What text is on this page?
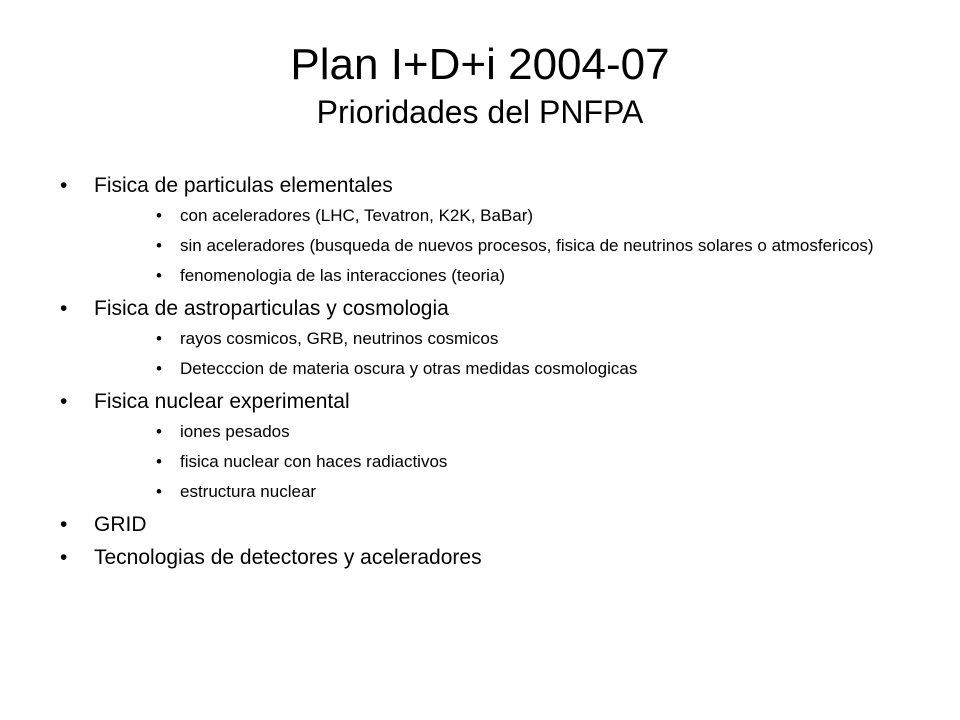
Plan I+D+i 2004-07
Prioridades del PNFPA
• Fisica de particulas elementales
• con aceleradores (LHC, Tevatron, K2K, BaBar)
• sin aceleradores (busqueda de nuevos procesos, fisica de neutrinos solares o atmosfericos)
• fenomenologia de las interacciones (teoria)
• Fisica de astroparticulas y cosmologia
• rayos cosmicos, GRB, neutrinos cosmicos
• Detecccion de materia oscura y otras medidas cosmologicas
• Fisica nuclear experimental
• iones pesados
• fisica nuclear con haces radiactivos
• estructura nuclear
• GRID
• Tecnologias de detectores y aceleradores
